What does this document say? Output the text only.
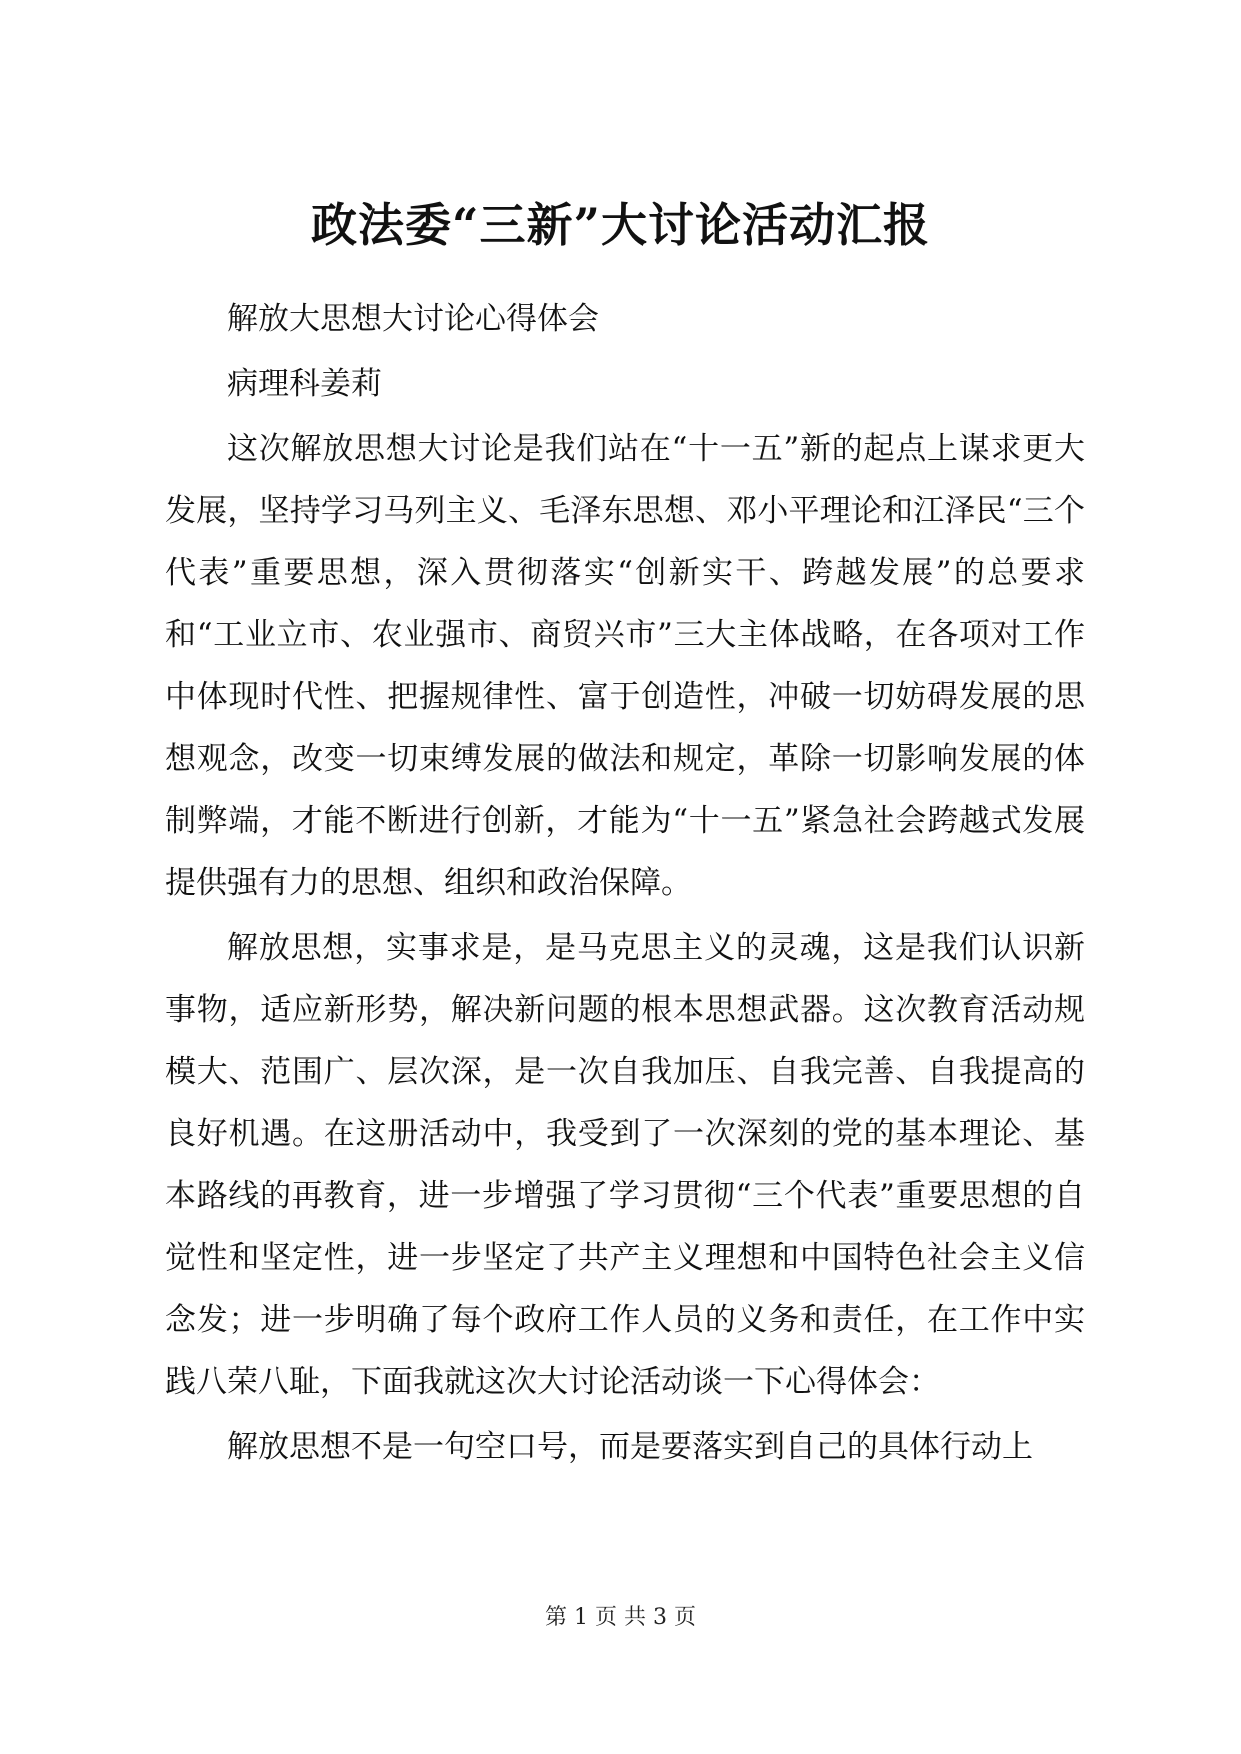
政法委“三新”大讨论活动汇报

解放大思想大讨论心得体会

病理科姜莉

这次解放思想大讨论是我们站在“十一五”新的起点上谋求更大发展，坚持学习马列主义、毛泽东思想、邓小平理论和江泽民“三个代表”重要思想，深入贯彻落实“创新实干、跨越发展”的总要求和“工业立市、农业强市、商贸兴市”三大主体战略，在各项对工作中体现时代性、把握规律性、富于创造性，冲破一切妨碍发展的思想观念，改变一切束缚发展的做法和规定，革除一切影响发展的体制弊端，才能不断进行创新，才能为“十一五”紧急社会跨越式发展提供强有力的思想、组织和政治保障。

解放思想，实事求是，是马克思主义的灵魂，这是我们认识新事物，适应新形势，解决新问题的根本思想武器。这次教育活动规模大、范围广、层次深，是一次自我加压、自我完善、自我提高的良好机遇。在这册活动中，我受到了一次深刻的党的基本理论、基本路线的再教育，进一步增强了学习贯彻“三个代表”重要思想的自觉性和坚定性，进一步坚定了共产主义理想和中国特色社会主义信念发；进一步明确了每个政府工作人员的义务和责任，在工作中实践八荣八耻，下面我就这次大讨论活动谈一下心得体会：

解放思想不是一句空口号，而是要落实到自己的具体行动上

第 1 页 共 3 页
